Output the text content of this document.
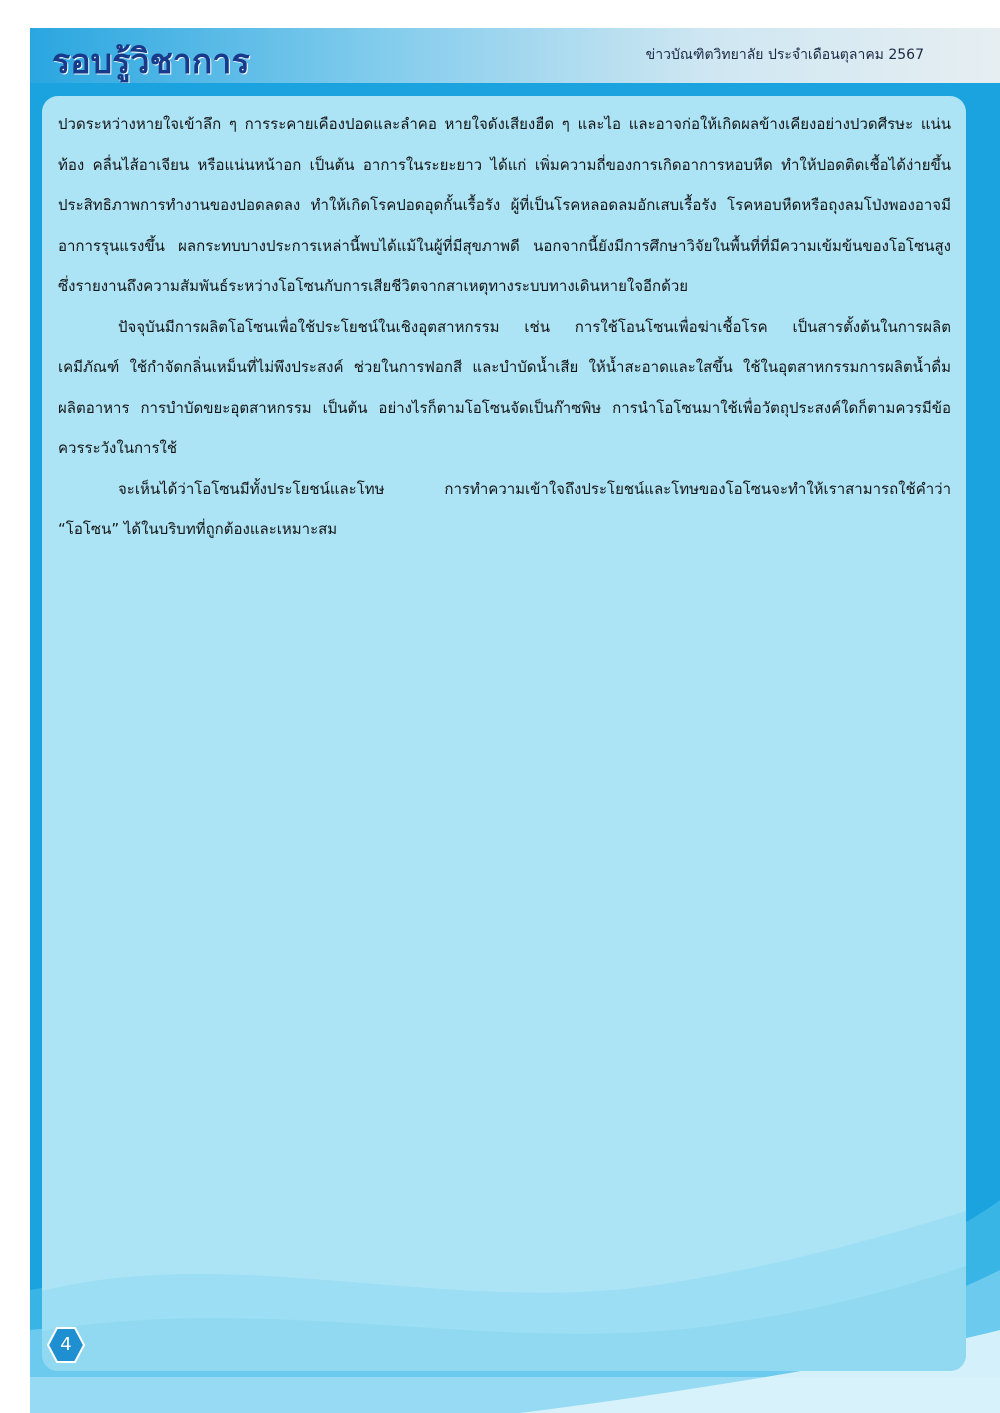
รอบรู้วิชาการ	ข่าวบัณฑิตวิทยาลัย ประจำเดือนตุลาคม 2567

ปวดระหว่างหายใจเข้าลึก ๆ การระคายเคืองปอดและลำคอ หายใจดังเสียงฮืด ๆ และไอ และอาจก่อให้เกิดผลข้างเคียงอย่างปวดศีรษะ แน่นท้อง คลื่นไส้อาเจียน หรือแน่นหน้าอก เป็นต้น อาการในระยะยาว ได้แก่ เพิ่มความถี่ของการเกิดอาการหอบหืด ทำให้ปอดติดเชื้อได้ง่ายขึ้น ประสิทธิภาพการทำงานของปอดลดลง ทำให้เกิดโรคปอดอุดกั้นเรื้อรัง ผู้ที่เป็นโรคหลอดลมอักเสบเรื้อรัง โรคหอบหืดหรือถุงลมโป่งพองอาจมีอาการรุนแรงขึ้น ผลกระทบบางประการเหล่านี้พบได้แม้ในผู้ที่มีสุขภาพดี นอกจากนี้ยังมีการศึกษาวิจัยในพื้นที่ที่มีความเข้มข้นของโอโซนสูง ซึ่งรายงานถึงความสัมพันธ์ระหว่างโอโซนกับการเสียชีวิตจากสาเหตุทางระบบทางเดินหายใจอีกด้วย

ปัจจุบันมีการผลิตโอโซนเพื่อใช้ประโยชน์ในเชิงอุตสาหกรรม เช่น การใช้โอนโซนเพื่อฆ่าเชื้อโรค เป็นสารตั้งต้นในการผลิตเคมีภัณฑ์ ใช้กำจัดกลิ่นเหม็นที่ไม่พึงประสงค์ ช่วยในการฟอกสี และบำบัดน้ำเสีย ให้น้ำสะอาดและใสขึ้น ใช้ในอุตสาหกรรมการผลิตน้ำดื่ม ผลิตอาหาร การบำบัดขยะอุตสาหกรรม เป็นต้น อย่างไรก็ตามโอโซนจัดเป็นก๊าซพิษ การนำโอโซนมาใช้เพื่อวัตถุประสงค์ใดก็ตามควรมีข้อควรระวังในการใช้

จะเห็นได้ว่าโอโซนมีทั้งประโยชน์และโทษ การทำความเข้าใจถึงประโยชน์และโทษของโอโซนจะทำให้เราสามารถใช้คำว่า “โอโซน” ได้ในบริบทที่ถูกต้องและเหมาะสม

4
